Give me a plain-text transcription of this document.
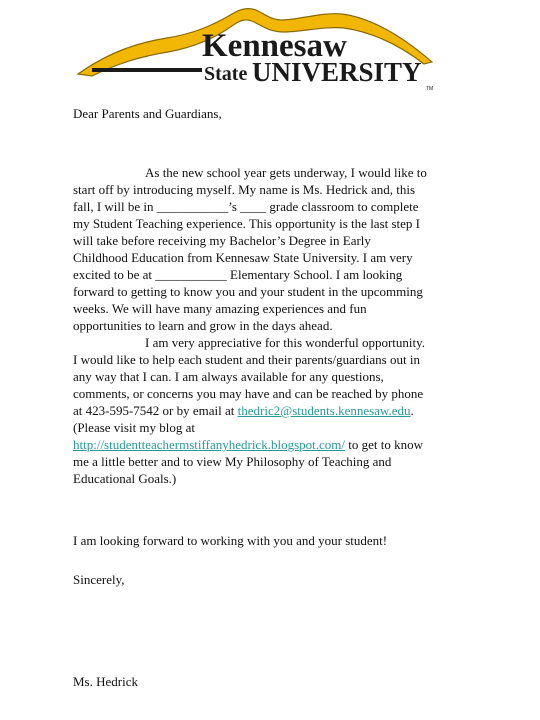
Kennesaw
State UNIVERSITY
TM
Dear Parents and Guardians,
As the new school year gets underway, I would like to
start off by introducing myself. My name is Ms. Hedrick and, this
fall, I will be in ___________’s ____ grade classroom to complete
my Student Teaching experience. This opportunity is the last step I
will take before receiving my Bachelor’s Degree in Early
Childhood Education from Kennesaw State University. I am very
excited to be at ___________ Elementary School. I am looking
forward to getting to know you and your student in the upcomming
weeks. We will have many amazing experiences and fun
opportunities to learn and grow in the days ahead.
I am very appreciative for this wonderful opportunity.
I would like to help each student and their parents/guardians out in
any way that I can. I am always available for any questions,
comments, or concerns you may have and can be reached by phone
at 423-595-7542 or by email at thedric2@students.kennesaw.edu.
(Please visit my blog at
http://studentteachermstiffanyhedrick.blogspot.com/ to get to know
me a little better and to view My Philosophy of Teaching and
Educational Goals.)
I am looking forward to working with you and your student!
Sincerely,
Ms. Hedrick
